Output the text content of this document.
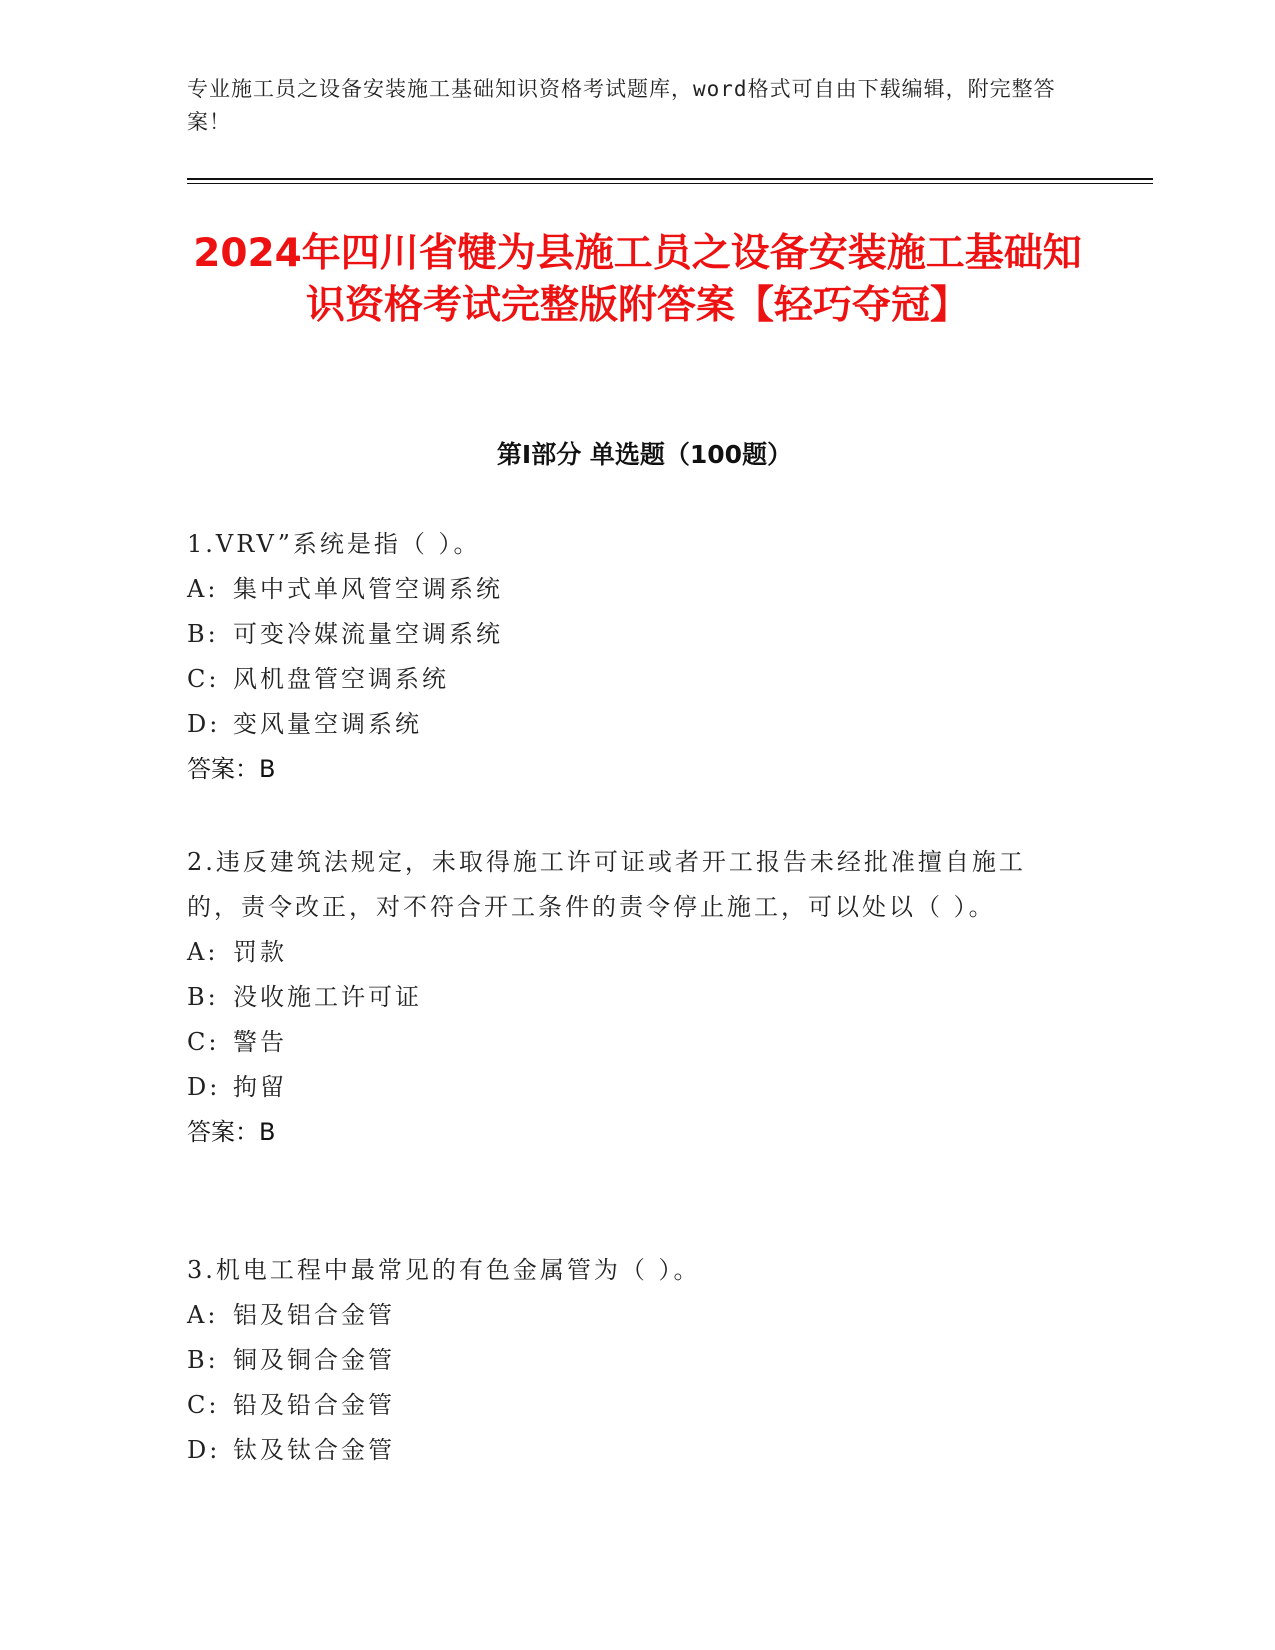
专业施工员之设备安装施工基础知识资格考试题库，word格式可自由下载编辑，附完整答案！
2024年四川省犍为县施工员之设备安装施工基础知识资格考试完整版附答案【轻巧夺冠】
第I部分 单选题（100题）
1.VRV”系统是指（ ）。
A: 集中式单风管空调系统
B: 可变冷媒流量空调系统
C: 风机盘管空调系统
D: 变风量空调系统
答案：B
2.违反建筑法规定，未取得施工许可证或者开工报告未经批准擅自施工的，责令改正，对不符合开工条件的责令停止施工，可以处以（ ）。
A: 罚款
B: 没收施工许可证
C: 警告
D: 拘留
答案：B
3.机电工程中最常见的有色金属管为（ ）。
A: 铝及铝合金管
B: 铜及铜合金管
C: 铅及铅合金管
D: 钛及钛合金管
